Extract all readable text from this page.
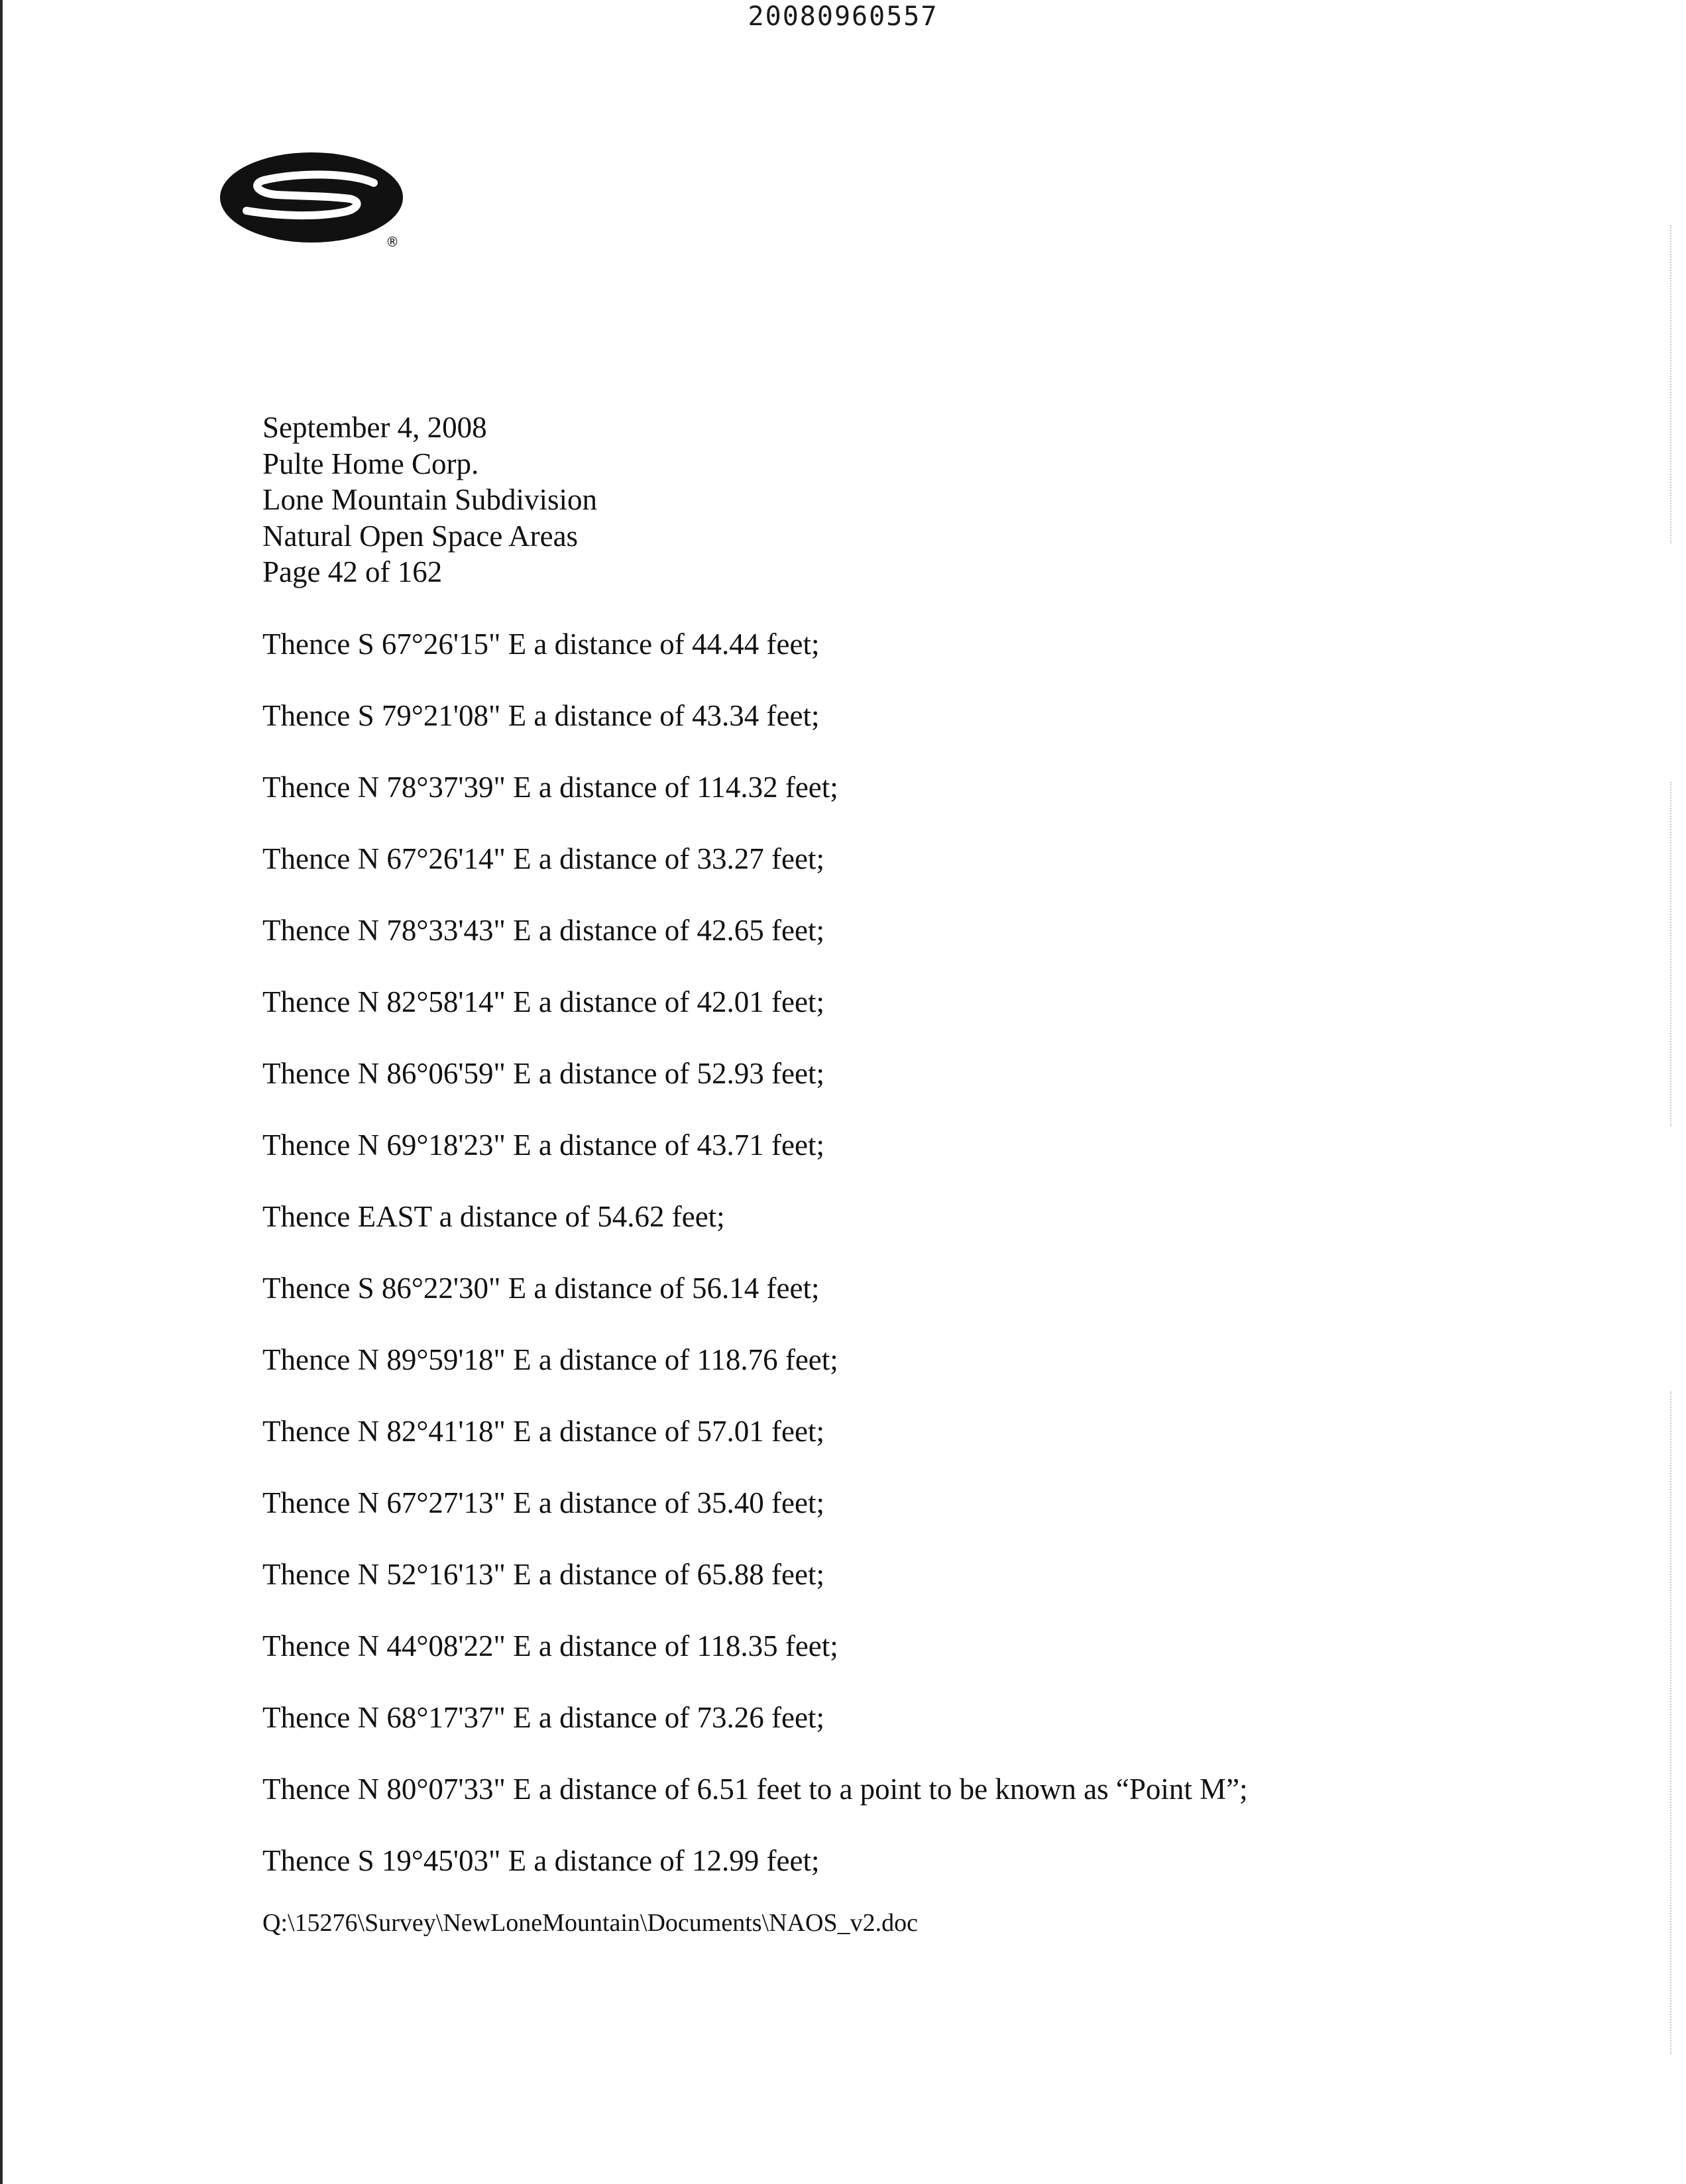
20080960557
®
September 4, 2008
Pulte Home Corp.
Lone Mountain Subdivision
Natural Open Space Areas
Page 42 of 162
Thence S 67°26'15" E a distance of 44.44 feet;
Thence S 79°21'08" E a distance of 43.34 feet;
Thence N 78°37'39" E a distance of 114.32 feet;
Thence N 67°26'14" E a distance of 33.27 feet;
Thence N 78°33'43" E a distance of 42.65 feet;
Thence N 82°58'14" E a distance of 42.01 feet;
Thence N 86°06'59" E a distance of 52.93 feet;
Thence N 69°18'23" E a distance of 43.71 feet;
Thence EAST a distance of 54.62 feet;
Thence S 86°22'30" E a distance of 56.14 feet;
Thence N 89°59'18" E a distance of 118.76 feet;
Thence N 82°41'18" E a distance of 57.01 feet;
Thence N 67°27'13" E a distance of 35.40 feet;
Thence N 52°16'13" E a distance of 65.88 feet;
Thence N 44°08'22" E a distance of 118.35 feet;
Thence N 68°17'37" E a distance of 73.26 feet;
Thence N 80°07'33" E a distance of 6.51 feet to a point to be known as “Point M”;
Thence S 19°45'03" E a distance of 12.99 feet;
Q:\15276\Survey\NewLoneMountain\Documents\NAOS_v2.doc
